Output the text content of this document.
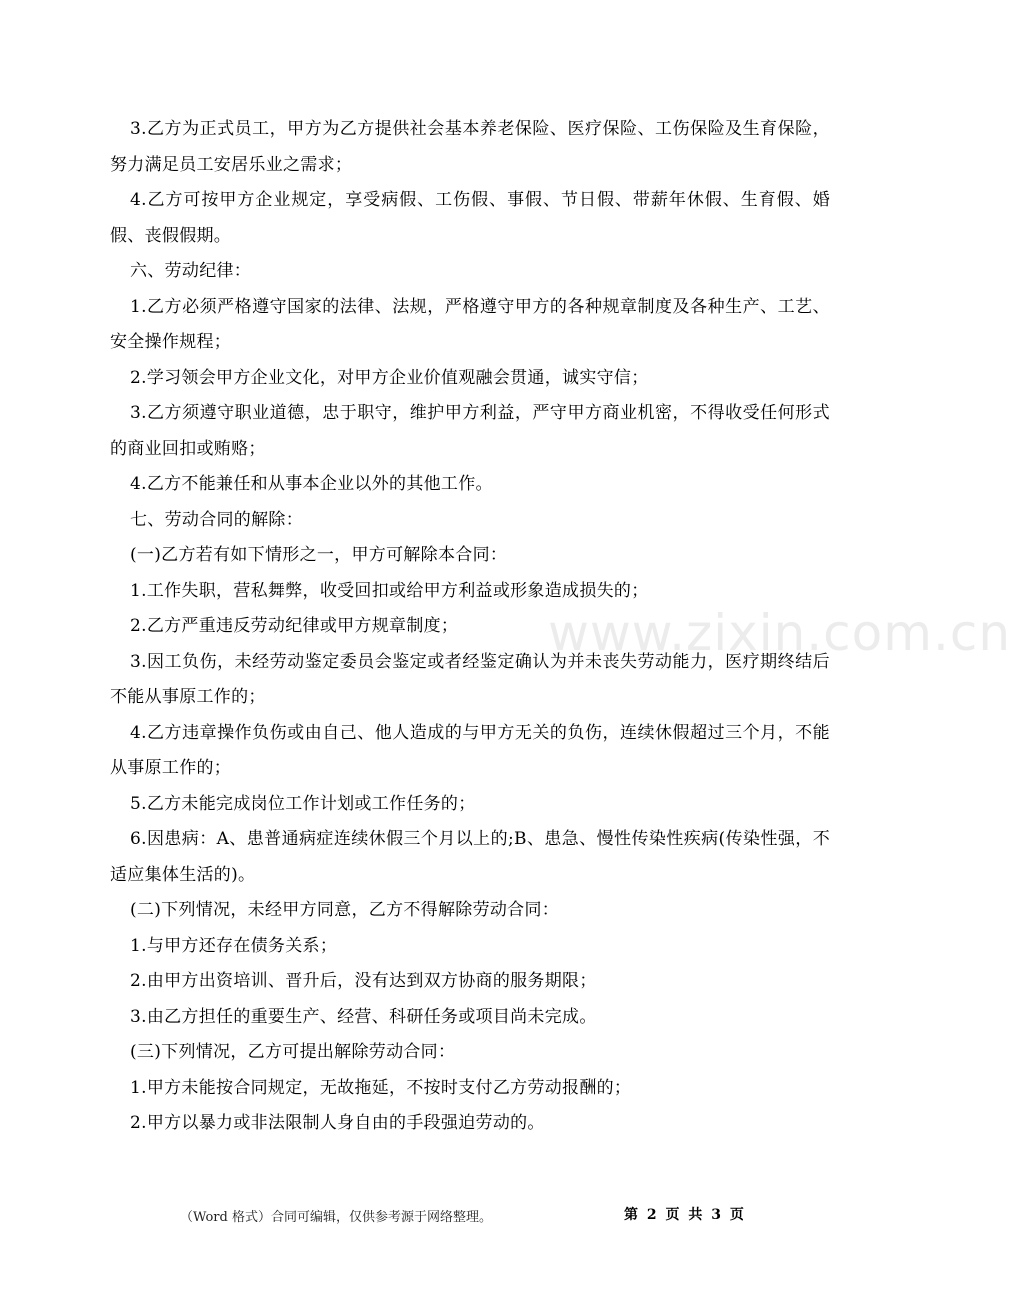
www.zixin.com.cn

3.乙方为正式员工，甲方为乙方提供社会基本养老保险、医疗保险、工伤保险及生育保险，努力满足员工安居乐业之需求；

4.乙方可按甲方企业规定，享受病假、工伤假、事假、节日假、带薪年休假、生育假、婚假、丧假假期。

六、劳动纪律：

1.乙方必须严格遵守国家的法律、法规，严格遵守甲方的各种规章制度及各种生产、工艺、安全操作规程；

2.学习领会甲方企业文化，对甲方企业价值观融会贯通，诚实守信；

3.乙方须遵守职业道德，忠于职守，维护甲方利益，严守甲方商业机密，不得收受任何形式的商业回扣或贿赂；

4.乙方不能兼任和从事本企业以外的其他工作。

七、劳动合同的解除：

(一)乙方若有如下情形之一，甲方可解除本合同：

1.工作失职，营私舞弊，收受回扣或给甲方利益或形象造成损失的；

2.乙方严重违反劳动纪律或甲方规章制度；

3.因工负伤，未经劳动鉴定委员会鉴定或者经鉴定确认为并未丧失劳动能力，医疗期终结后不能从事原工作的；

4.乙方违章操作负伤或由自己、他人造成的与甲方无关的负伤，连续休假超过三个月，不能从事原工作的；

5.乙方未能完成岗位工作计划或工作任务的；

6.因患病：A、患普通病症连续休假三个月以上的;B、患急、慢性传染性疾病(传染性强，不适应集体生活的)。

(二)下列情况，未经甲方同意，乙方不得解除劳动合同：

1.与甲方还存在债务关系；

2.由甲方出资培训、晋升后，没有达到双方协商的服务期限；

3.由乙方担任的重要生产、经营、科研任务或项目尚未完成。

(三)下列情况，乙方可提出解除劳动合同：

1.甲方未能按合同规定，无故拖延，不按时支付乙方劳动报酬的；

2.甲方以暴力或非法限制人身自由的手段强迫劳动的。

（Word 格式）合同可编辑，仅供参考源于网络整理。	第 2 页 共 3 页
